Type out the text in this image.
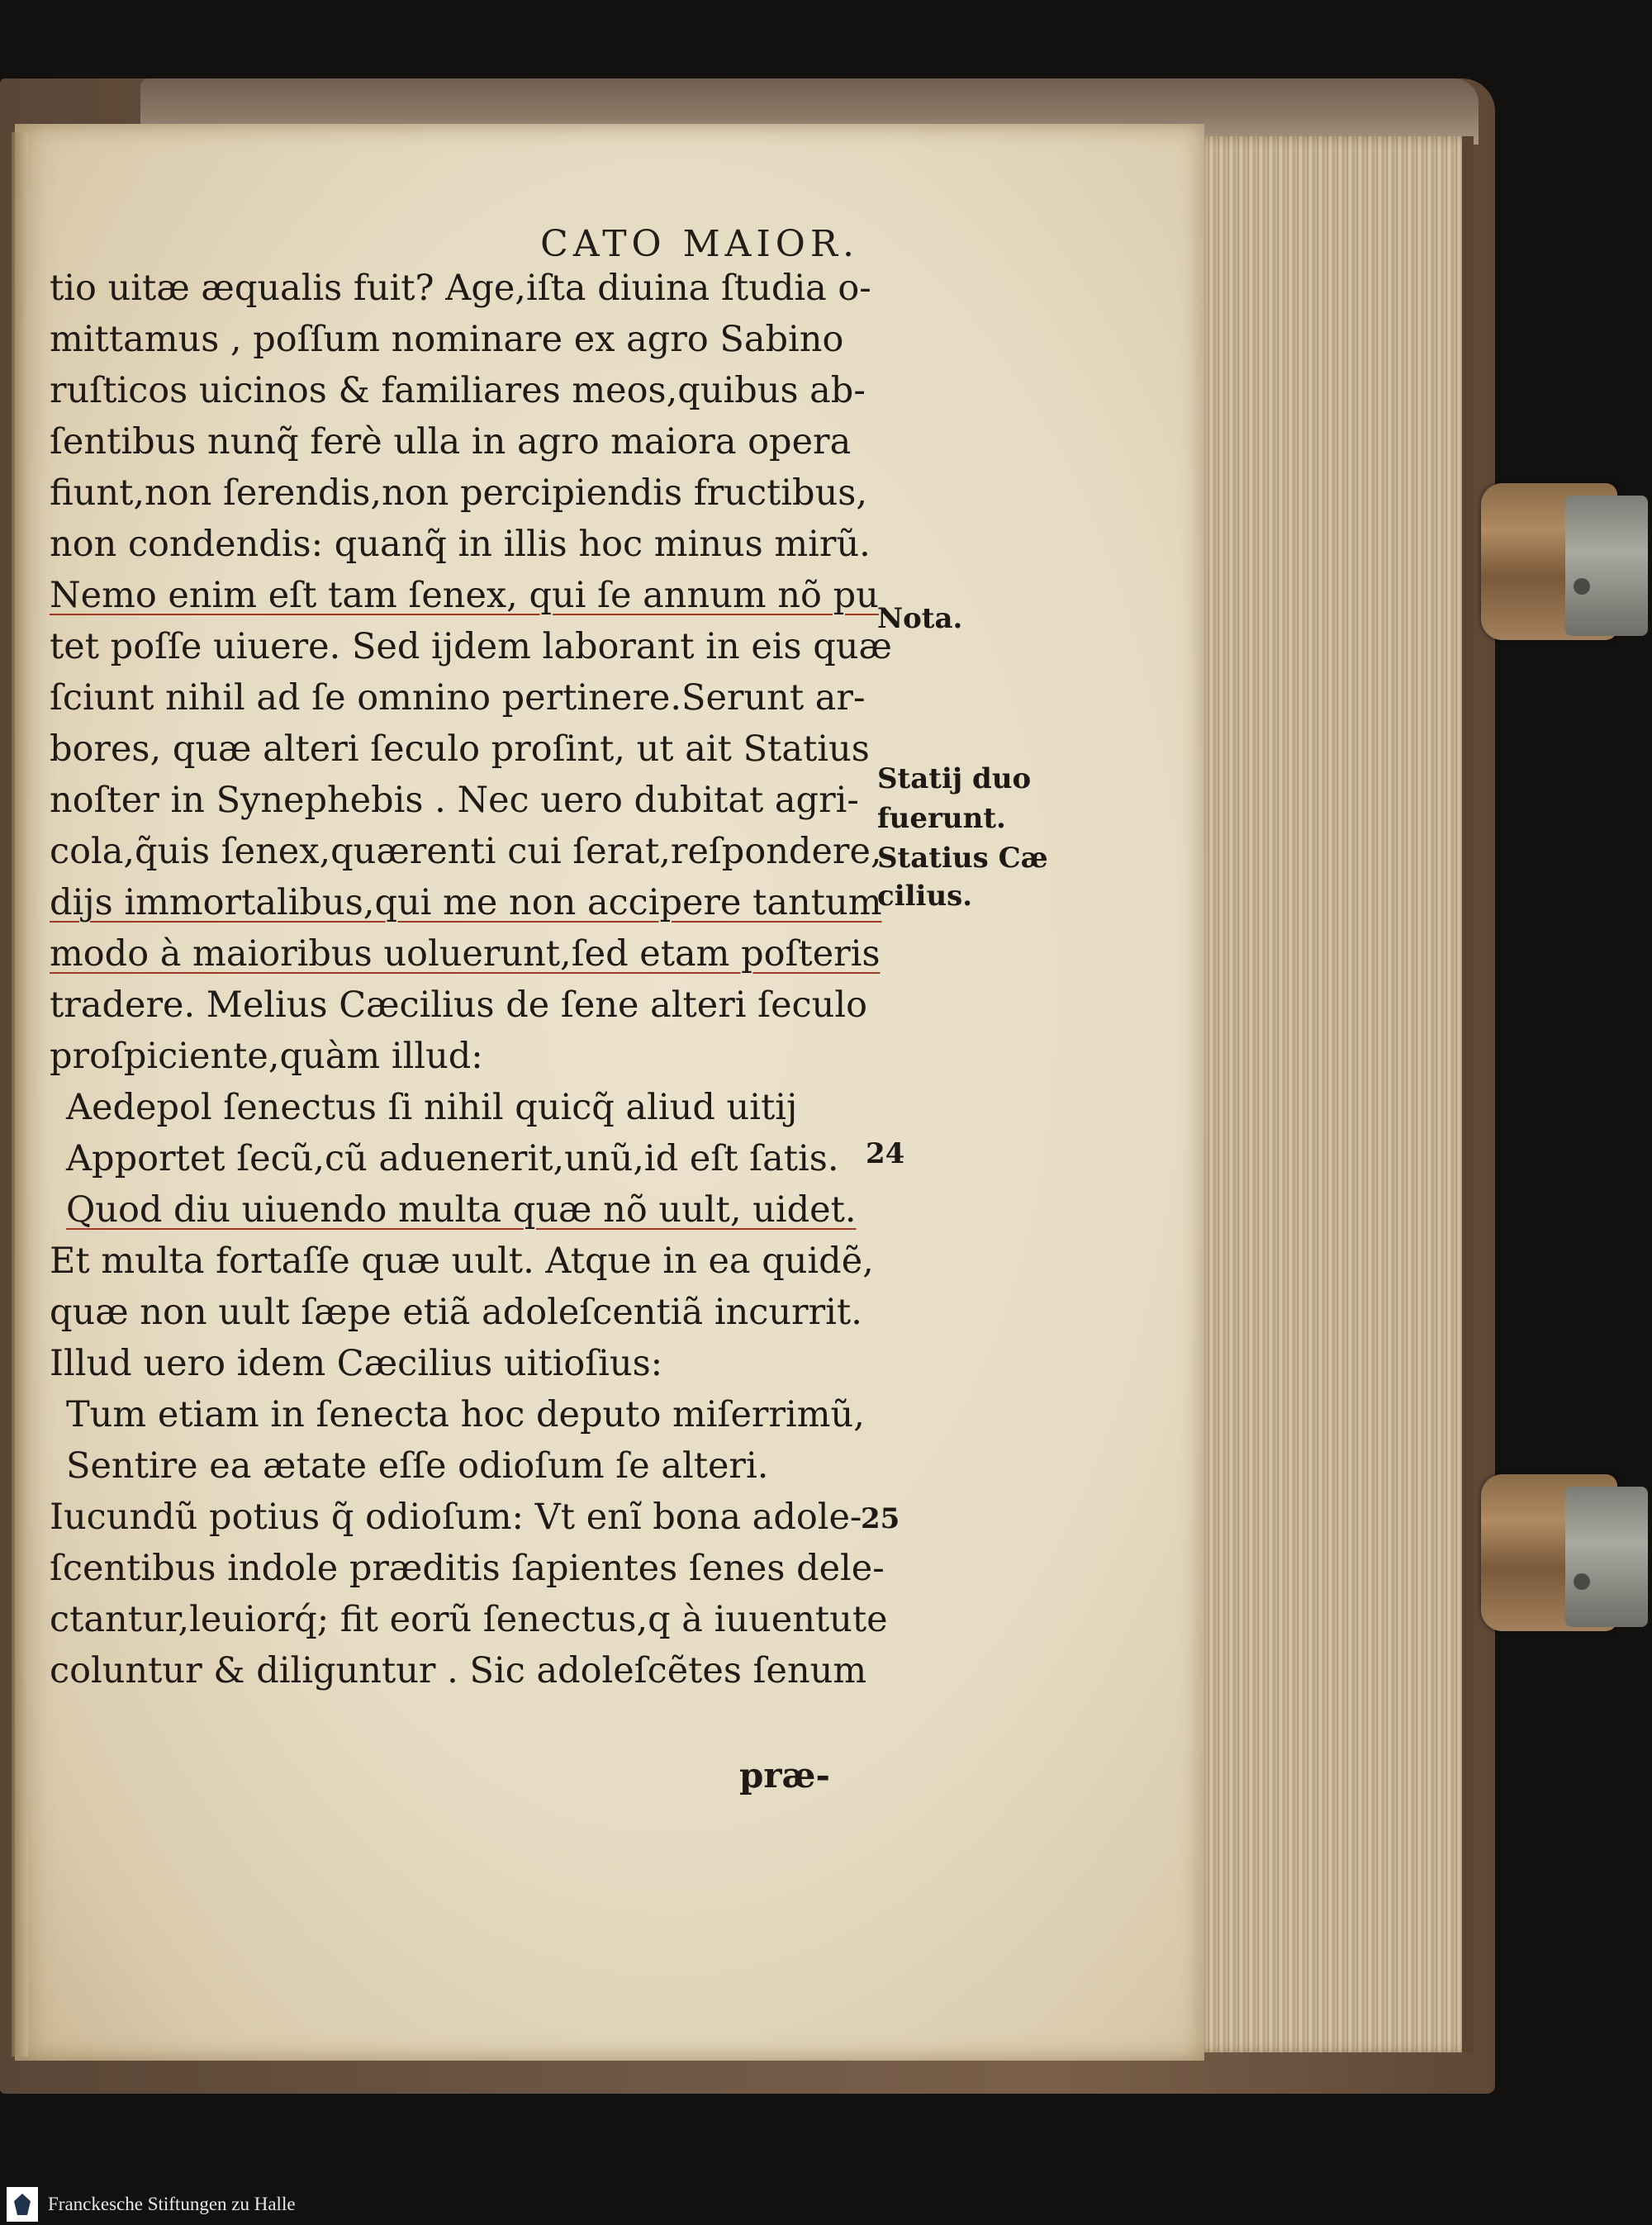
CATO MAIOR.
tio uitæ æqualis fuit? Age,iſta diuina ſtudia o-
mittamus , poſſum nominare ex agro Sabino
ruſticos uicinos & familiares meos,quibus ab-
ſentibus nunq̃ ferè ulla in agro maiora opera
fiunt,non ſerendis,non percipiendis fructibus,
non condendis: quanq̃ in illis hoc minus mirũ.
Nemo enim eſt tam ſenex, qui ſe annum nõ pu
tet poſſe uiuere. Sed ijdem laborant in eis quæ
ſciunt nihil ad ſe omnino pertinere.Serunt ar-
bores, quæ alteri ſeculo proſint, ut ait Statius
noſter in Synephebis . Nec uero dubitat agri-
cola,q̃uis ſenex,quærenti cui ſerat,reſpondere,
dijs immortalibus,qui me non accipere tantum
modo à maioribus uoluerunt,ſed etam poſteris
tradere. Melius Cæcilius de ſene alteri ſeculo
proſpiciente,quàm illud:
Aedepol ſenectus ſi nihil quicq̃ aliud uitij
Apportet ſecũ,cũ aduenerit,unũ,id eſt ſatis.
Quod diu uiuendo multa quæ nõ uult, uidet.
Et multa fortaſſe quæ uult. Atque in ea quidẽ,
quæ non uult ſæpe etiã adoleſcentiã incurrit.
Illud uero idem Cæcilius uitioſius:
Tum etiam in ſenecta hoc deputo miſerrimũ,
Sentire ea ætate eſſe odioſum ſe alteri.
Iucundũ potius q̃ odioſum: Vt enĩ bona adole-
ſcentibus indole præditis ſapientes ſenes dele-
ctantur,leuiorq́; fit eorũ ſenectus,q à iuuentute
coluntur & diliguntur . Sic adoleſcẽtes ſenum
Nota.
Statij duo
fuerunt.
Statius Cæ
cilius.
24
25
præ-
Franckesche Stiftungen zu Halle
